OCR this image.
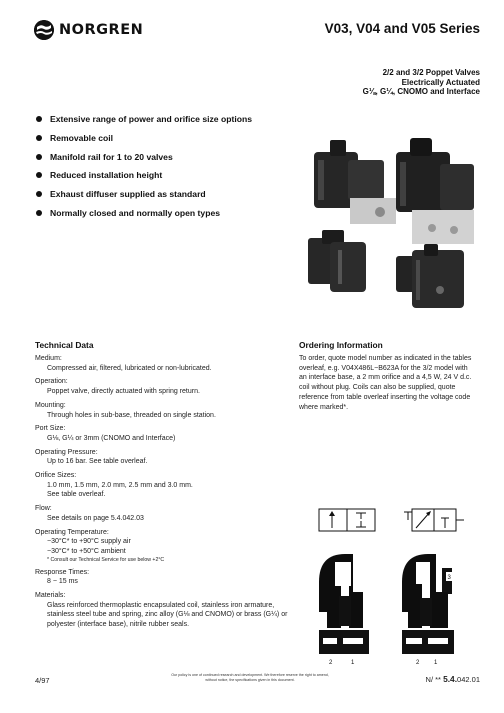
NORGREN	V03, V04 and V05 Series
2/2 and 3/2 Poppet Valves
Electrically Actuated
G⅛, G¼, CNOMO and Interface
Extensive range of power and orifice size options
Removable coil
Manifold rail for 1 to 20 valves
Reduced installation height
Exhaust diffuser supplied as standard
Normally closed and normally open types
Technical Data
Medium:
Compressed air, filtered, lubricated or non-lubricated.
Operation:
Poppet valve, directly actuated with spring return.
Mounting:
Through holes in sub-base, threaded on single station.
Port Size:
G⅛, G¼ or 3mm (CNOMO and Interface)
Operating Pressure:
Up to 16 bar. See table overleaf.
Orifice Sizes:
1.0 mm, 1.5 mm, 2.0 mm, 2.5 mm and 3.0 mm.
See table overleaf.
Flow:
See details on page 5.4.042.03
Operating Temperature:
−30°C* to +90°C supply air
−30°C* to +50°C ambient
* Consult our Technical Service for use below +2°C
Response Times:
8 − 15 ms
Materials:
Glass reinforced thermoplastic encapsulated coil, stainless iron armature, stainless steel tube and spring, zinc alloy (G⅛ and CNOMO) or brass (G¼) or polyester (interface base), nitrile rubber seals.
Ordering Information
To order, quote model number as indicated in the tables overleaf, e.g. V04X486L−B623A for the 3/2 model with an interface base, a 2 mm orifice and a 4,5 W, 24 V d.c. coil without plug. Coils can also be supplied, quote reference from table overleaf inserting the voltage code where marked*.
2	1
3
2 1
4/97
Our policy is one of continued research and development. We therefore reserve the right to amend, without notice, the specifications given in this document.	N/ ** 5.4.042.01
